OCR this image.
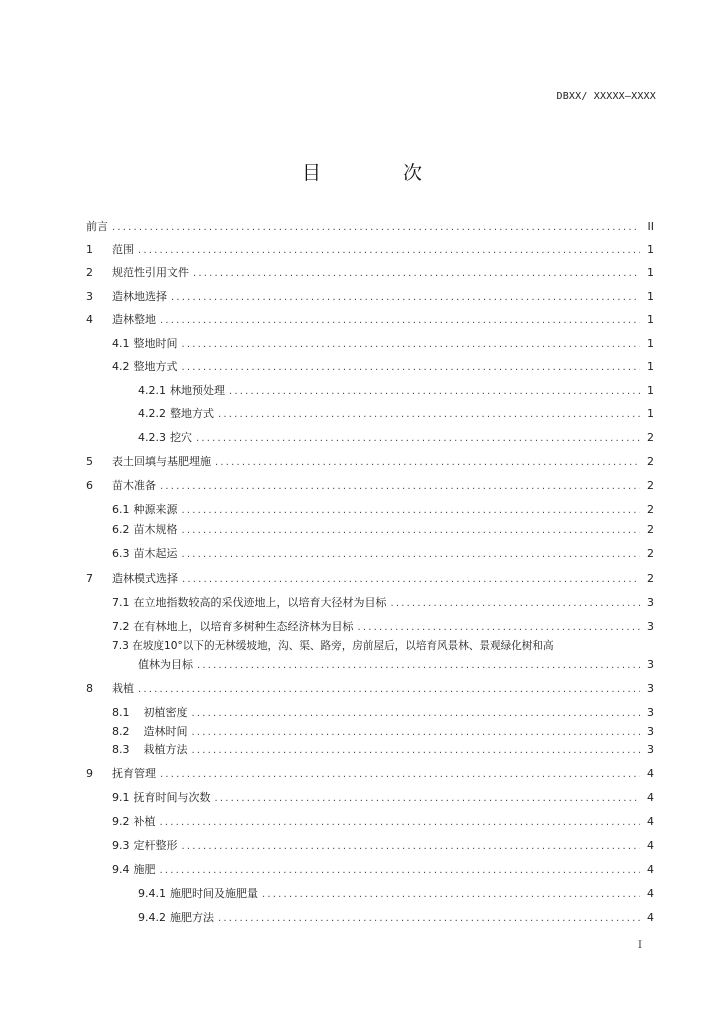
DBXX/ XXXXX—XXXX
目 次
前言 .....	II
1	范围 .....	1
2	规范性引用文件 .....	1
3	造林地选择 .....	1
4	造林整地 .....	1
4.1 整地时间 .....	1
4.2 整地方式 .....	1
4.2.1 林地预处理 .....	1
4.2.2 整地方式 .....	1
4.2.3 挖穴 .....	2
5	表土回填与基肥埋施 .....	2
6	苗木准备 .....	2
6.1 种源来源 .....	2
6.2 苗木规格 .....	2
6.3 苗木起运 .....	2
7	造林模式选择 .....	2
7.1 在立地指数较高的采伐迹地上，以培育大径材为目标 .....	3
7.2 在有林地上，以培育多树种生态经济林为目标 .....	3
7.3 在坡度10°以下的无林缓坡地，沟、渠、路旁，房前屋后，以培育风景林、景观绿化树和高
值林为目标 .....	3
8	栽植 .....	3
8.1 初植密度 .....	3
8.2 造林时间 .....	3
8.3 栽植方法 .....	3
9	抚育管理 .....	4
9.1 抚育时间与次数 .....	4
9.2 补植 .....	4
9.3 定杆整形 .....	4
9.4 施肥 .....	4
9.4.1 施肥时间及施肥量 .....	4
9.4.2 施肥方法 .....	4
I
